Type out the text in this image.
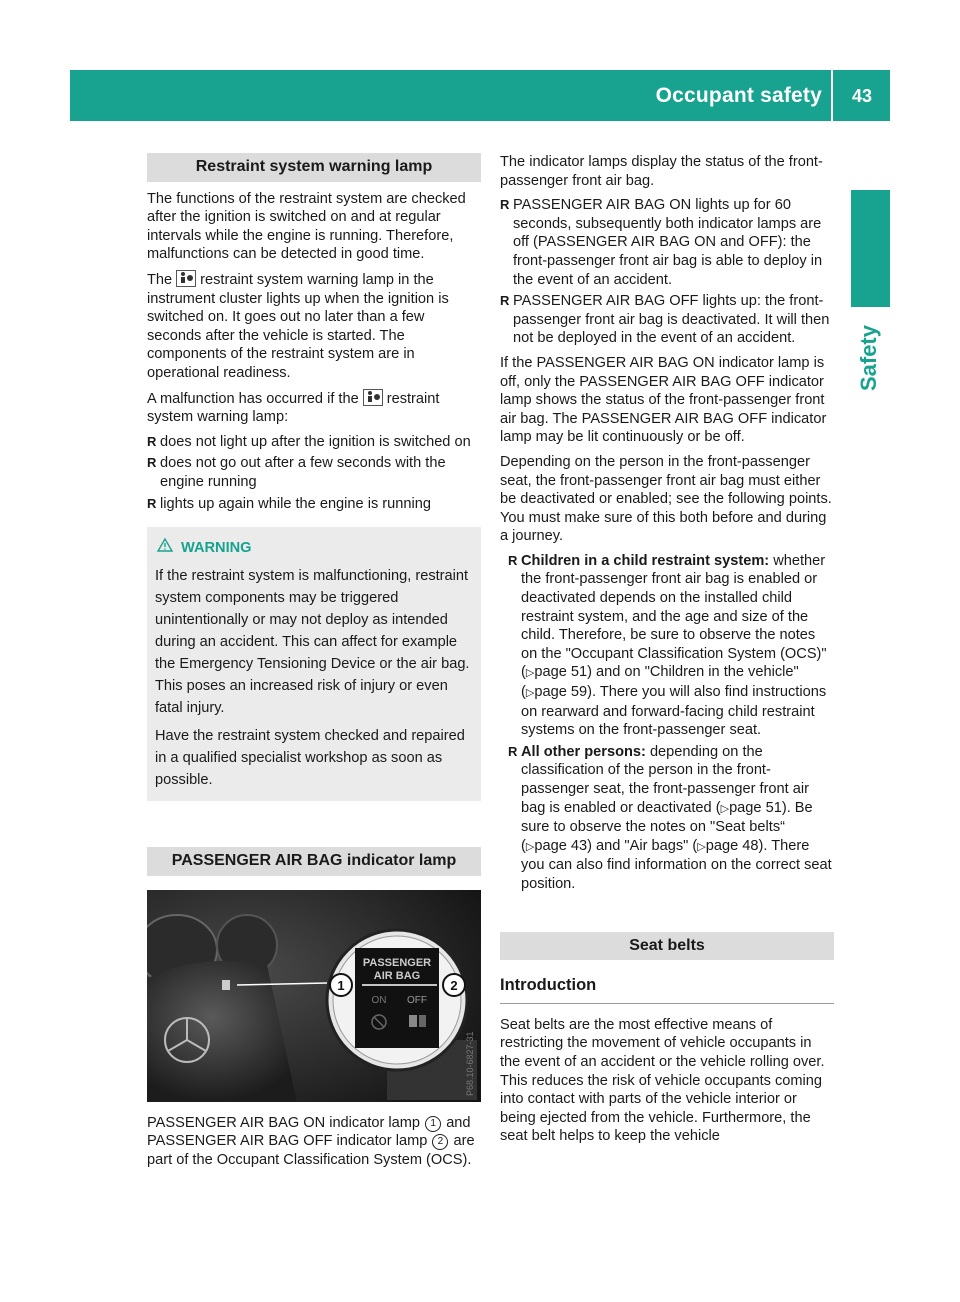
Occupant safety 43
Safety
Restraint system warning lamp

The functions of the restraint system are checked after the ignition is switched on and at regular intervals while the engine is running. Therefore, malfunctions can be detected in good time.

The restraint system warning lamp in the instrument cluster lights up when the ignition is switched on. It goes out no later than a few seconds after the vehicle is started. The components of the restraint system are in operational readiness.

A malfunction has occurred if the restraint system warning lamp:

R does not light up after the ignition is switched on
R does not go out after a few seconds with the engine running
R lights up again while the engine is running
WARNING

If the restraint system is malfunctioning, restraint system components may be triggered unintentionally or may not deploy as intended during an accident. This can affect for example the Emergency Tensioning Device or the air bag. This poses an increased risk of injury or even fatal injury.

Have the restraint system checked and repaired in a qualified specialist workshop as soon as possible.

PASSENGER AIR BAG indicator lamp
PASSENGER
AIR BAG
ON OFF
1	2
P68.10-6827-31

PASSENGER AIR BAG ON indicator lamp 1 and PASSENGER AIR BAG OFF indicator lamp 2 are part of the Occupant Classification System (OCS).

The indicator lamps display the status of the front-passenger front air bag.

R PASSENGER AIR BAG ON lights up for 60 seconds, subsequently both indicator lamps are off (PASSENGER AIR BAG ON and OFF): the front-passenger front air bag is able to deploy in the event of an accident.
R PASSENGER AIR BAG OFF lights up: the front-passenger front air bag is deactivated. It will then not be deployed in the event of an accident.

If the PASSENGER AIR BAG ON indicator lamp is off, only the PASSENGER AIR BAG OFF indicator lamp shows the status of the front-passenger front air bag. The PASSENGER AIR BAG OFF indicator lamp may be lit continuously or be off.

Depending on the person in the front-passenger seat, the front-passenger front air bag must either be deactivated or enabled; see the following points. You must make sure of this both before and during a journey.

R Children in a child restraint system: whether the front-passenger front air bag is enabled or deactivated depends on the installed child restraint system, and the age and size of the child. Therefore, be sure to observe the notes on the "Occupant Classification System (OCS)" (▷page 51) and on "Children in the vehicle" (▷page 59). There you will also find instructions on rearward and forward-facing child restraint systems on the front-passenger seat.
R All other persons: depending on the classification of the person in the front-passenger seat, the front-passenger front air bag is enabled or deactivated (▷page 51). Be sure to observe the notes on "Seat belts“ (▷page 43) and "Air bags" (▷page 48). There you can also find information on the correct seat position.
Seat belts
Introduction

Seat belts are the most effective means of restricting the movement of vehicle occupants in the event of an accident or the vehicle rolling over. This reduces the risk of vehicle occupants coming into contact with parts of the vehicle interior or being ejected from the vehicle. Furthermore, the seat belt helps to keep the vehicle
